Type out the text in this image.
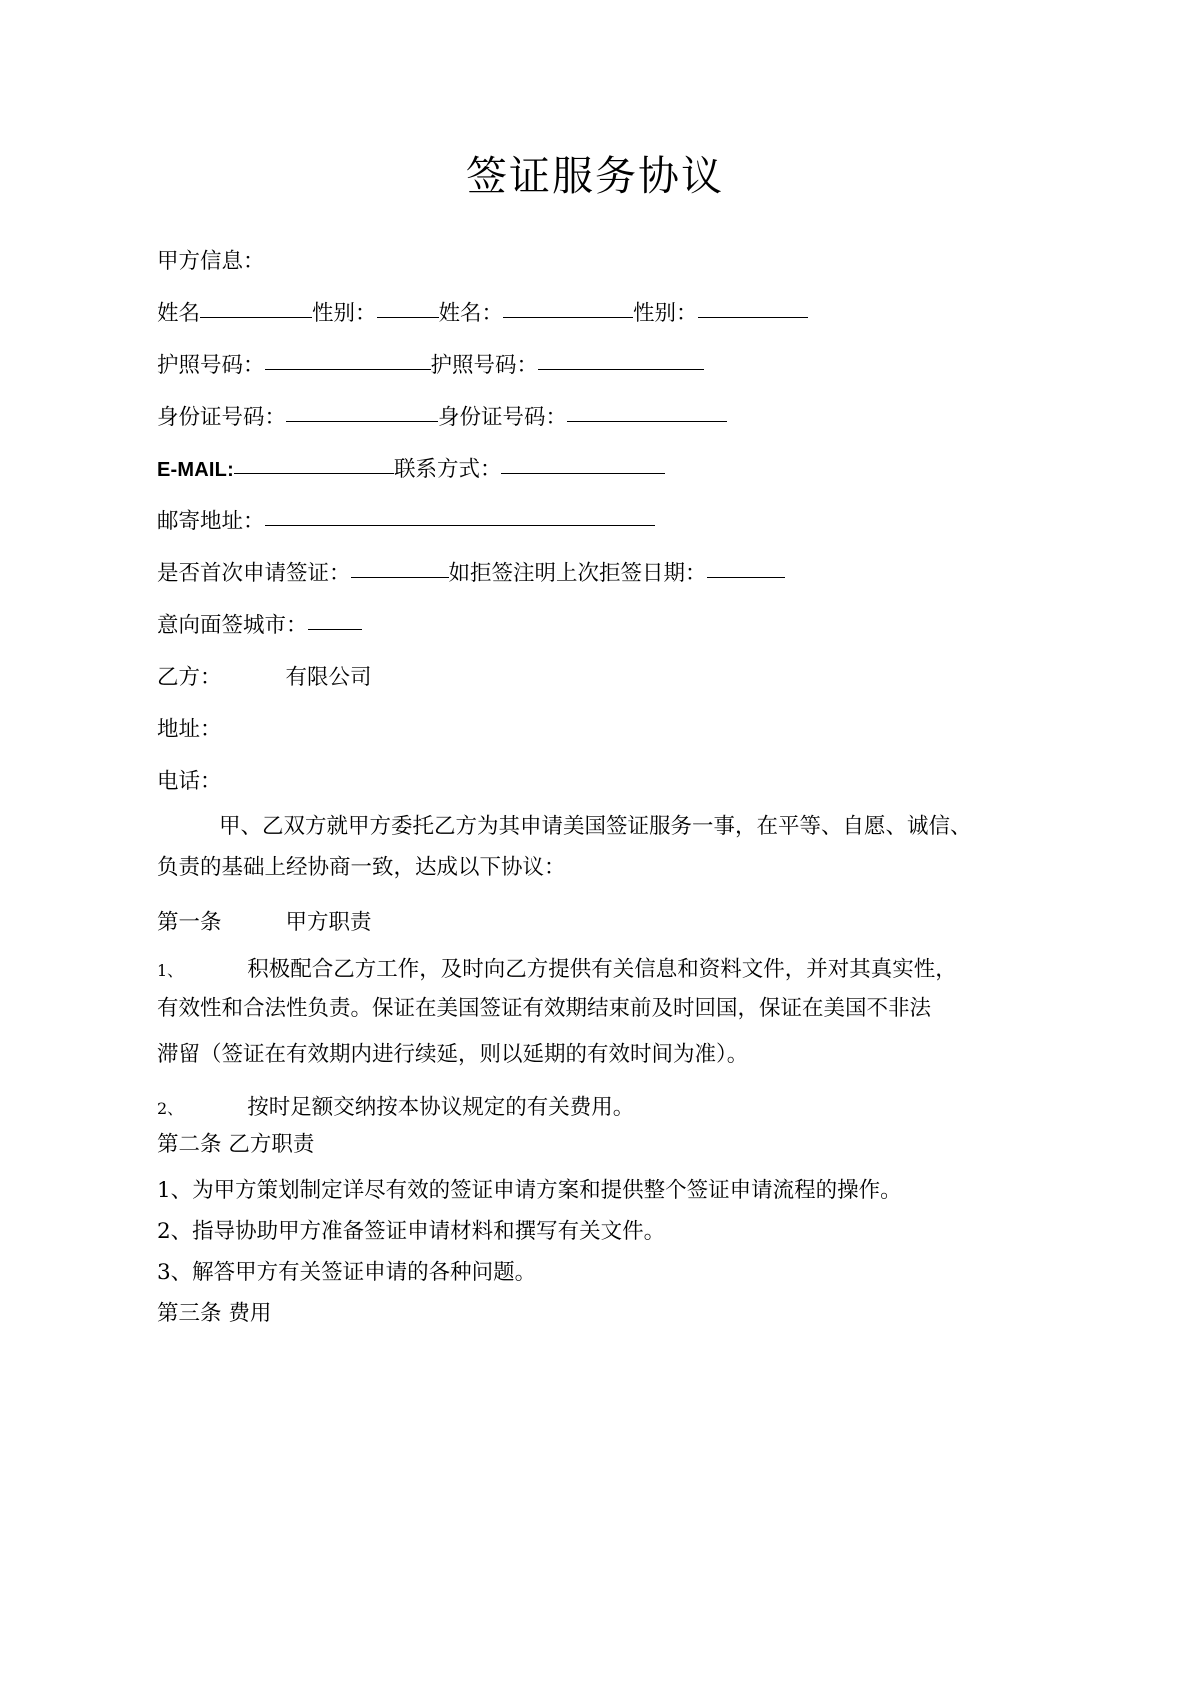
签证服务协议
甲方信息：
姓名	性别：	姓名：	性别：
护照号码：	护照号码：
身份证号码：	身份证号码：
E-MAIL:	联系方式：
邮寄地址：
是否首次申请签证：	如拒签注明上次拒签日期：
意向面签城市：
乙方：	有限公司
地址：
电话：
甲、乙双方就甲方委托乙方为其申请美国签证服务一事，在平等、自愿、诚信、
负责的基础上经协商一致，达成以下协议：
第一条	甲方职责
1、	积极配合乙方工作，及时向乙方提供有关信息和资料文件，并对其真实性，
有效性和合法性负责。保证在美国签证有效期结束前及时回国，保证在美国不非法
滞留（签证在有效期内进行续延，则以延期的有效时间为准）。
2、	按时足额交纳按本协议规定的有关费用。
第二条 乙方职责
1、为甲方策划制定详尽有效的签证申请方案和提供整个签证申请流程的操作。
2、指导协助甲方准备签证申请材料和撰写有关文件。
3、解答甲方有关签证申请的各种问题。
第三条 费用
